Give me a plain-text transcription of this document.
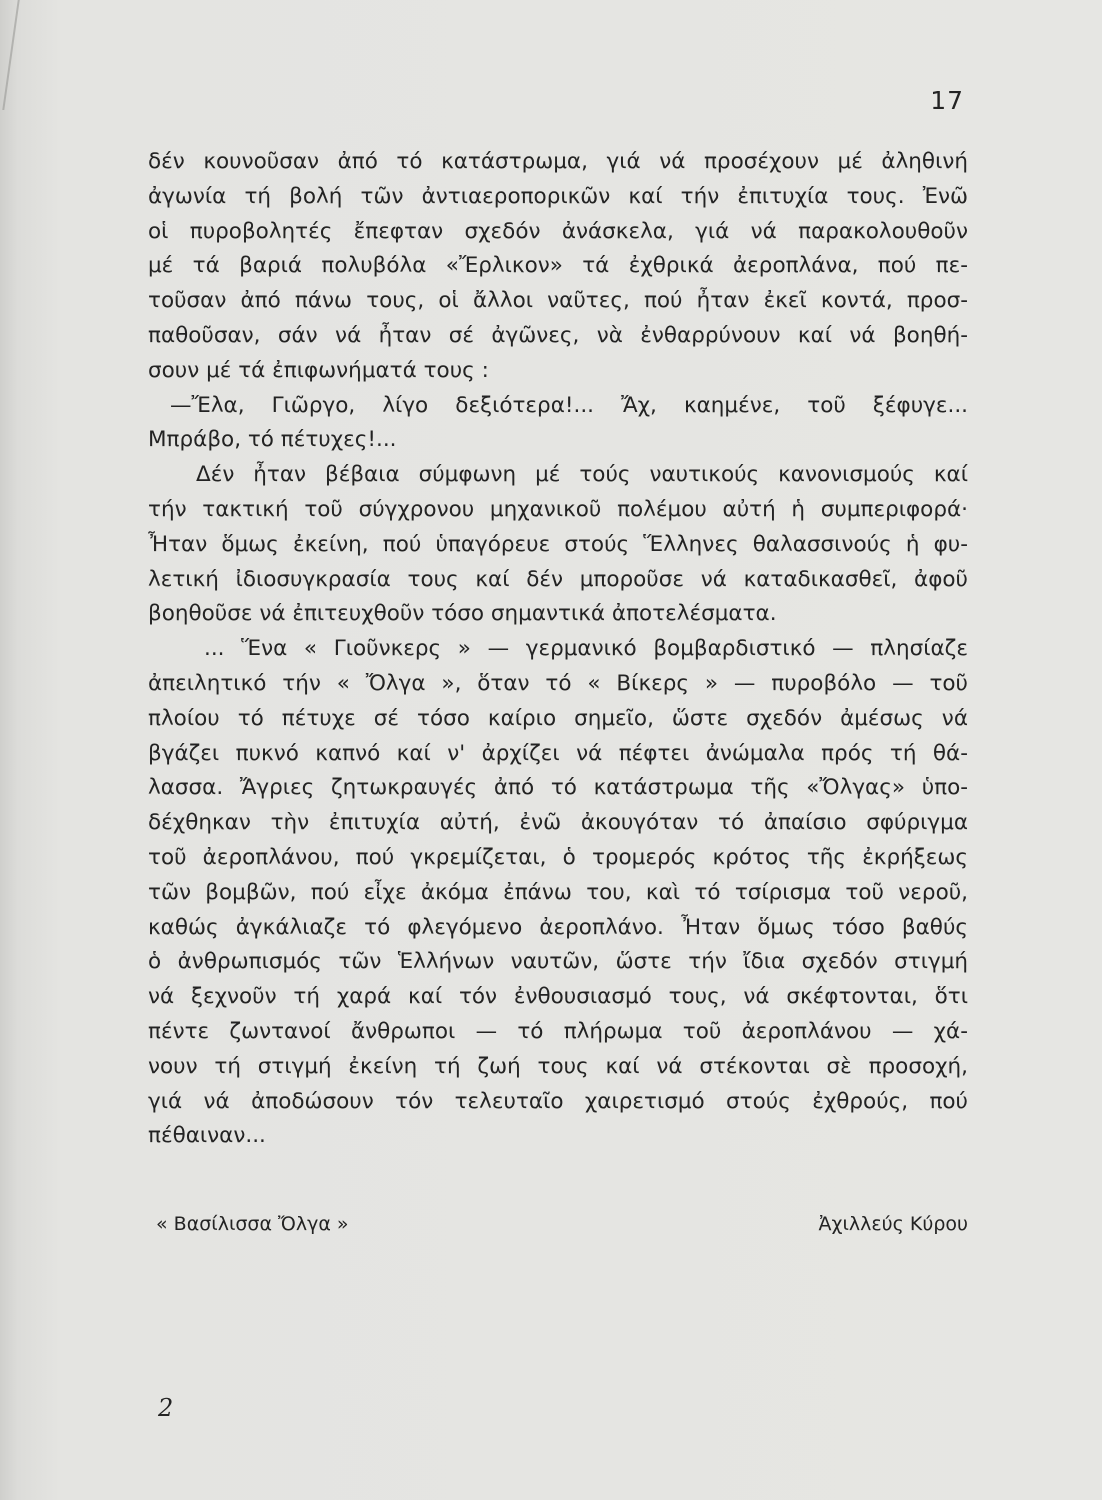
17
δέν κουνοῦσαν ἀπό τό κατάστρωμα, γιά νά προσέχουν μέ ἀληθινή
ἀγωνία τή βολή τῶν ἀντιαεροπορικῶν καί τήν ἐπιτυχία τους. Ἐνῶ
οἱ πυροβολητές ἔπεφταν σχεδόν ἀνάσκελα, γιά νά παρακολουθοῦν
μέ τά βαριά πολυβόλα «Ἔρλικον» τά ἐχθρικά ἀεροπλάνα, πού πε-
τοῦσαν ἀπό πάνω τους, οἱ ἄλλοι ναῦτες, πού ἦταν ἐκεῖ κοντά, προσ-
παθοῦσαν, σάν νά ἦταν σέ ἀγῶνες, νὰ ἐνθαρρύνουν καί νά βοηθή-
σουν μέ τά ἐπιφωνήματά τους :
—Ἔλα, Γιῶργο, λίγο δεξιότερα!... Ἄχ, καημένε, τοῦ ξέφυγε...
Μπράβο, τό πέτυχες!...
Δέν ἦταν βέβαια σύμφωνη μέ τούς ναυτικούς κανονισμούς καί
τήν τακτική τοῦ σύγχρονου μηχανικοῦ πολέμου αὐτή ἡ συμπεριφορά·
Ἦταν ὅμως ἐκείνη, πού ὑπαγόρευε στούς Ἕλληνες θαλασσινούς ἡ φυ-
λετική ἰδιοσυγκρασία τους καί δέν μποροῦσε νά καταδικασθεῖ, ἀφοῦ
βοηθοῦσε νά ἐπιτευχθοῦν τόσο σημαντικά ἀποτελέσματα.
... Ἕνα « Γιοῦνκερς » — γερμανικό βομβαρδιστικό — πλησίαζε
ἀπειλητικό τήν « Ὄλγα », ὅταν τό « Βίκερς » — πυροβόλο — τοῦ
πλοίου τό πέτυχε σέ τόσο καίριο σημεῖο, ὥστε σχεδόν ἀμέσως νά
βγάζει πυκνό καπνό καί ν' ἀρχίζει νά πέφτει ἀνώμαλα πρός τή θά-
λασσα. Ἄγριες ζητωκραυγές ἀπό τό κατάστρωμα τῆς «Ὄλγας» ὑπο-
δέχθηκαν τὴν ἐπιτυχία αὐτή, ἐνῶ ἀκουγόταν τό ἀπαίσιο σφύριγμα
τοῦ ἀεροπλάνου, πού γκρεμίζεται, ὁ τρομερός κρότος τῆς ἐκρήξεως
τῶν βομβῶν, πού εἶχε ἀκόμα ἐπάνω του, καὶ τό τσίρισμα τοῦ νεροῦ,
καθώς ἀγκάλιαζε τό φλεγόμενο ἀεροπλάνο. Ἦταν ὅμως τόσο βαθύς
ὁ ἀνθρωπισμός τῶν Ἑλλήνων ναυτῶν, ὥστε τήν ἴδια σχεδόν στιγμή
νά ξεχνοῦν τή χαρά καί τόν ἐνθουσιασμό τους, νά σκέφτονται, ὅτι
πέντε ζωντανοί ἄνθρωποι — τό πλήρωμα τοῦ ἀεροπλάνου — χά-
νουν τή στιγμή ἐκείνη τή ζωή τους καί νά στέκονται σὲ προσοχή,
γιά νά ἀποδώσουν τόν τελευταῖο χαιρετισμό στούς ἐχθρούς, πού
πέθαιναν...
« Βασίλισσα Ὄλγα »	Ἀχιλλεύς Κύρου
2
